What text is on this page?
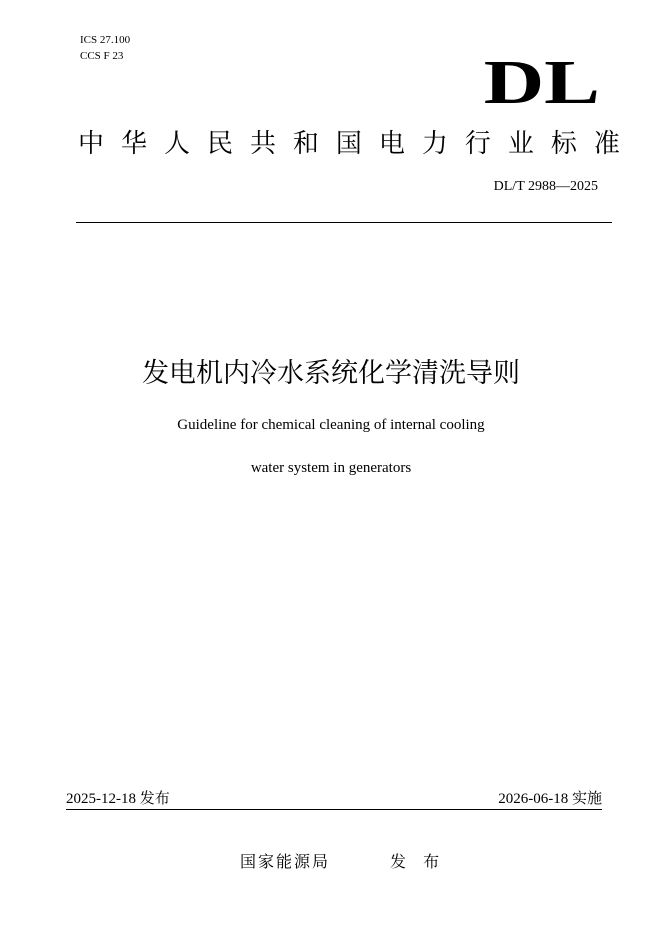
ICS 27.100
CCS F 23	DL
中 华 人 民 共 和 国 电 力 行 业 标 准
DL/T 2988—2025
发电机内冷水系统化学清洗导则
Guideline for chemical cleaning of internal cooling
water system in generators
2025-12-18 发布	2026-06-18 实施
国家能源局	发 布
